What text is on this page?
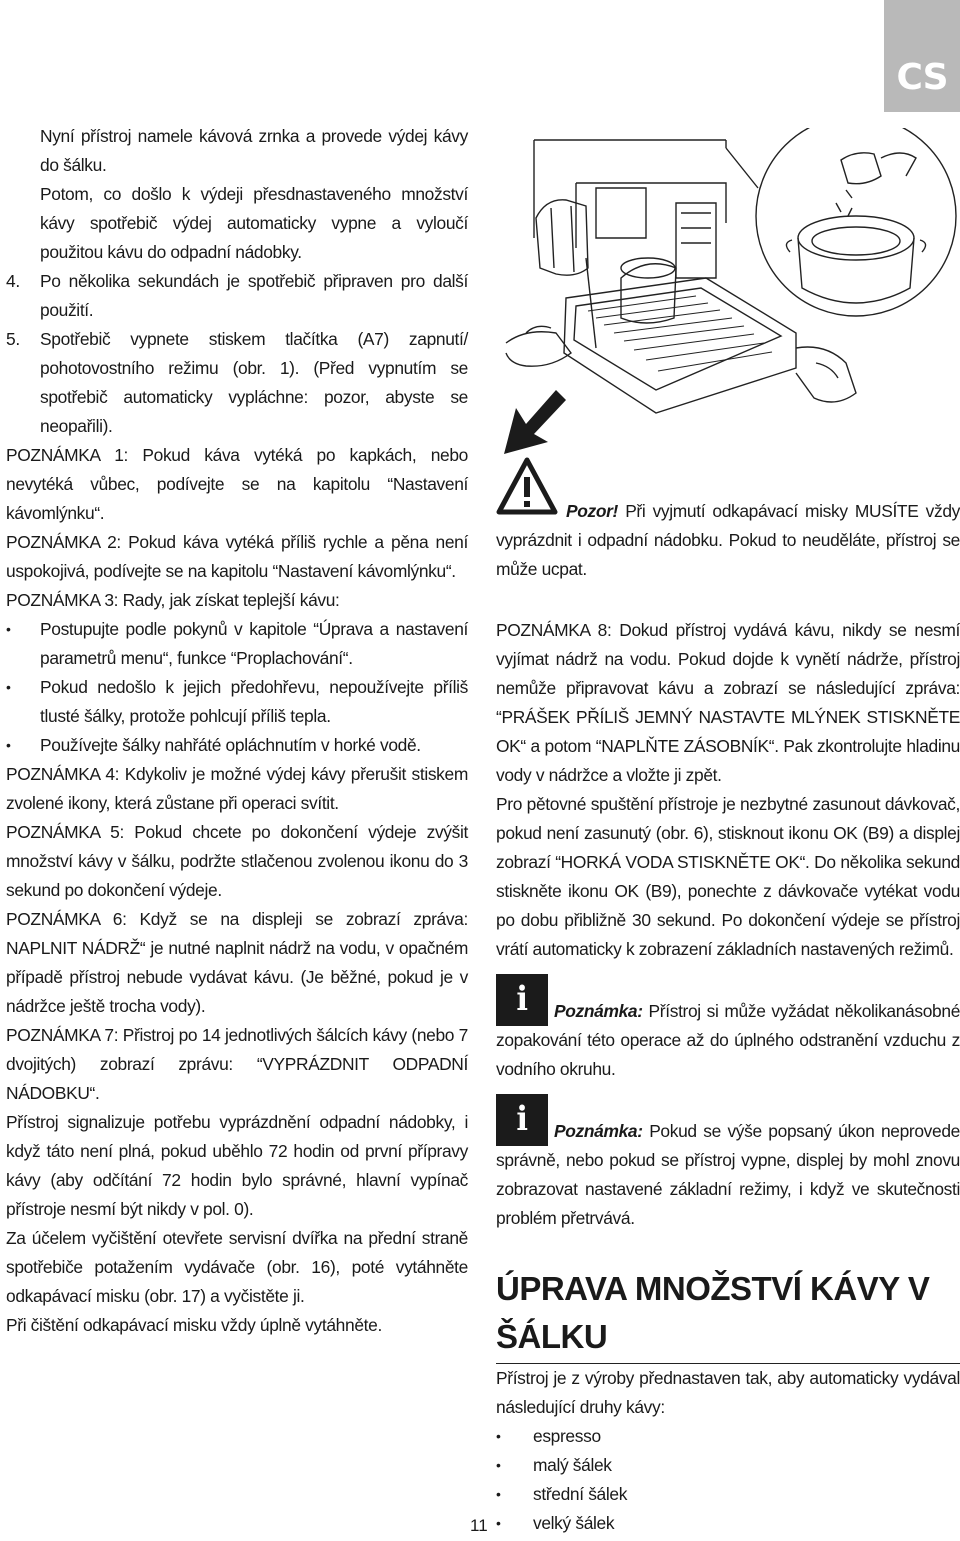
CS

Nyní přístroj namele kávová zrnka a provede výdej kávy do šálku.

Potom, co došlo k výdeji přesdnastaveného množství kávy spotřebič výdej automaticky vypne a vyloučí použitou kávu do odpadní nádobky.

4.	Po několika sekundách je spotřebič připraven pro další použití.

5.	Spotřebič vypnete stiskem tlačítka (A7) zapnutí/ pohotovostního režimu (obr. 1). (Před vypnutím se spotřebič automaticky vypláchne: pozor, abyste se neopařili).

POZNÁMKA 1: Pokud káva vytéká po kapkách, nebo nevytéká vůbec, podívejte se na kapitolu “Nastavení kávomlýnku“.

POZNÁMKA 2: Pokud káva vytéká příliš rychle a pěna není uspokojivá, podívejte se na kapitolu “Nastavení kávomlýnku“.

POZNÁMKA 3: Rady, jak získat teplejší kávu:

•	Postupujte podle pokynů v kapitole “Úprava a nastavení parametrů menu“, funkce “Proplachování“.

•	Pokud nedošlo k jejich předohřevu, nepoužívejte příliš tlusté šálky, protože pohlcují příliš tepla.

•	Používejte šálky nahřáté opláchnutím v horké vodě.

POZNÁMKA 4: Kdykoliv je možné výdej kávy přerušit stiskem zvolené ikony, která zůstane při operaci svítit.

POZNÁMKA 5: Pokud chcete po dokončení výdeje zvýšit množství kávy v šálku, podržte stlačenou zvolenou ikonu do 3 sekund po dokončení výdeje.

POZNÁMKA 6: Když se na displeji se zobrazí zpráva: NAPLNIT NÁDRŽ“ je nutné naplnit nádrž na vodu, v opačném případě přístroj nebude vydávat kávu. (Je běžné, pokud je v nádržce ještě trocha vody).

POZNÁMKA 7: Přistroj po 14 jednotlivých šálcích kávy (nebo 7 dvojitých) zobrazí zprávu: “VYPRÁZDNIT ODPADNÍ NÁDOBKU“.

Přístroj signalizuje potřebu vyprázdnění odpadní nádobky, i když táto není plná, pokud uběhlo 72 hodin od první přípravy kávy (aby odčítání 72 hodin bylo správné, hlavní vypínač přístroje nesmí být nikdy v pol. 0).

Za účelem vyčištění otevřete servisní dvířka na přední straně spotřebiče potažením vydávače (obr. 16), poté vytáhněte odkapávací misku (obr. 17) a vyčistěte ji.

Při čištění odkapávací misku vždy úplně vytáhněte.

Pozor! Při vyjmutí odkapávací misky MUSÍTE vždy vyprázdnit i odpadní nádobku. Pokud to neuděláte, přístroj se může ucpat.

POZNÁMKA 8: Dokud přístroj vydává kávu, nikdy se nesmí vyjímat nádrž na vodu. Pokud dojde k vynětí nádrže, přístroj nemůže připravovat kávu a zobrazí se následující zpráva: “PRÁŠEK PŘÍLIŠ JEMNÝ NASTAVTE MLÝNEK STISKNĚTE OK“ a potom “NAPLŇTE ZÁSOBNÍK“. Pak zkontrolujte hladinu vody v nádržce a vložte ji zpět.

Pro pětovné spuštění přístroje je nezbytné zasunout dávkovač, pokud není zasunutý (obr. 6), stisknout ikonu OK (B9) a displej zobrazí “HORKÁ VODA STISKNĚTE OK“. Do několika sekund stiskněte ikonu OK (B9), ponechte z dávkovače vytékat vodu po dobu přibližně 30 sekund. Po dokončení výdeje se přístroj vrátí automaticky k zobrazení základních nastavených režimů.

i	Poznámka: Přístroj si může vyžádat několikanásobné zopakování této operace až do úplného odstranění vzduchu z vodního okruhu.

i	Poznámka: Pokud se výše popsaný úkon neprovede správně, nebo pokud se přístroj vypne, displej by mohl znovu zobrazovat nastavené základní režimy, i když ve skutečnosti problém přetrvává.

ÚPRAVA MNOŽSTVÍ KÁVY V ŠÁLKU

Přístroj je z výroby přednastaven tak, aby automaticky vydával následující druhy kávy:

•	espresso

•	malý šálek

•	střední šálek

•	velký šálek

11
